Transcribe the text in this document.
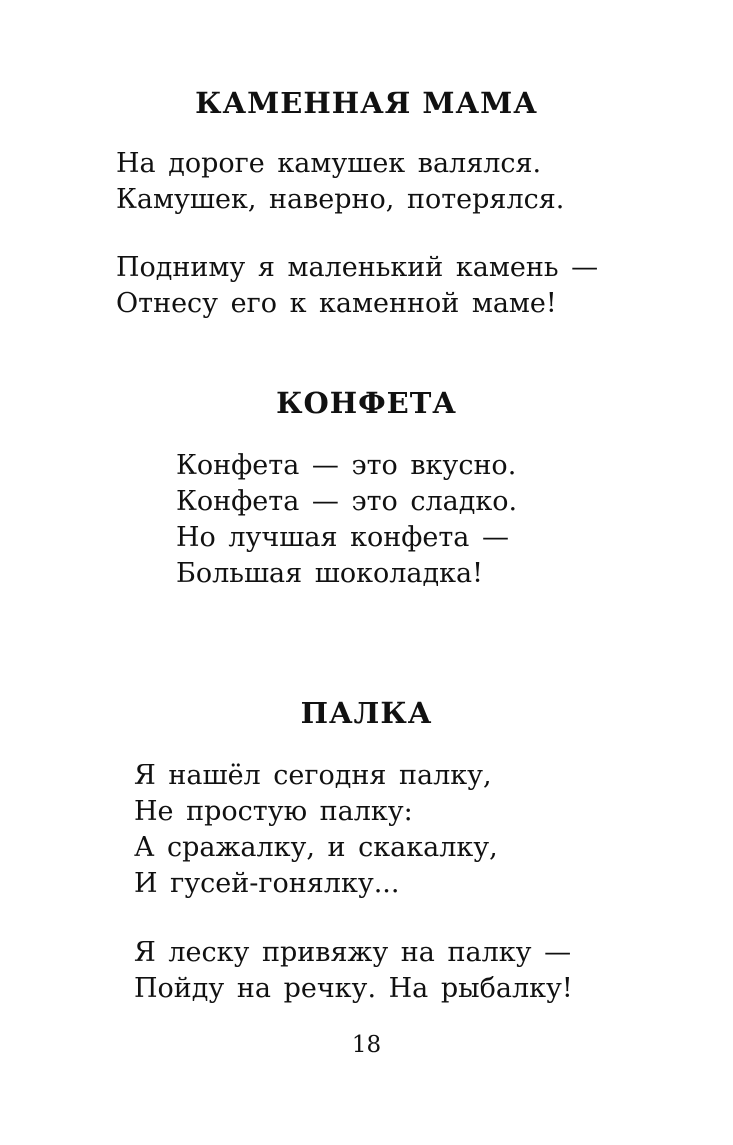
КАМЕННАЯ МАМА
На дороге камушек валялся.
Камушек, наверно, потерялся.
Подниму я маленький камень —
Отнесу его к каменной маме!
КОНФЕТА
Конфета — это вкусно.
Конфета — это сладко.
Но лучшая конфета —
Большая шоколадка!
ПАЛКА
Я нашёл сегодня палку,
Не простую палку:
А сражалку, и скакалку,
И гусей-гонялку...
Я леску привяжу на палку —
Пойду на речку. На рыбалку!
18
